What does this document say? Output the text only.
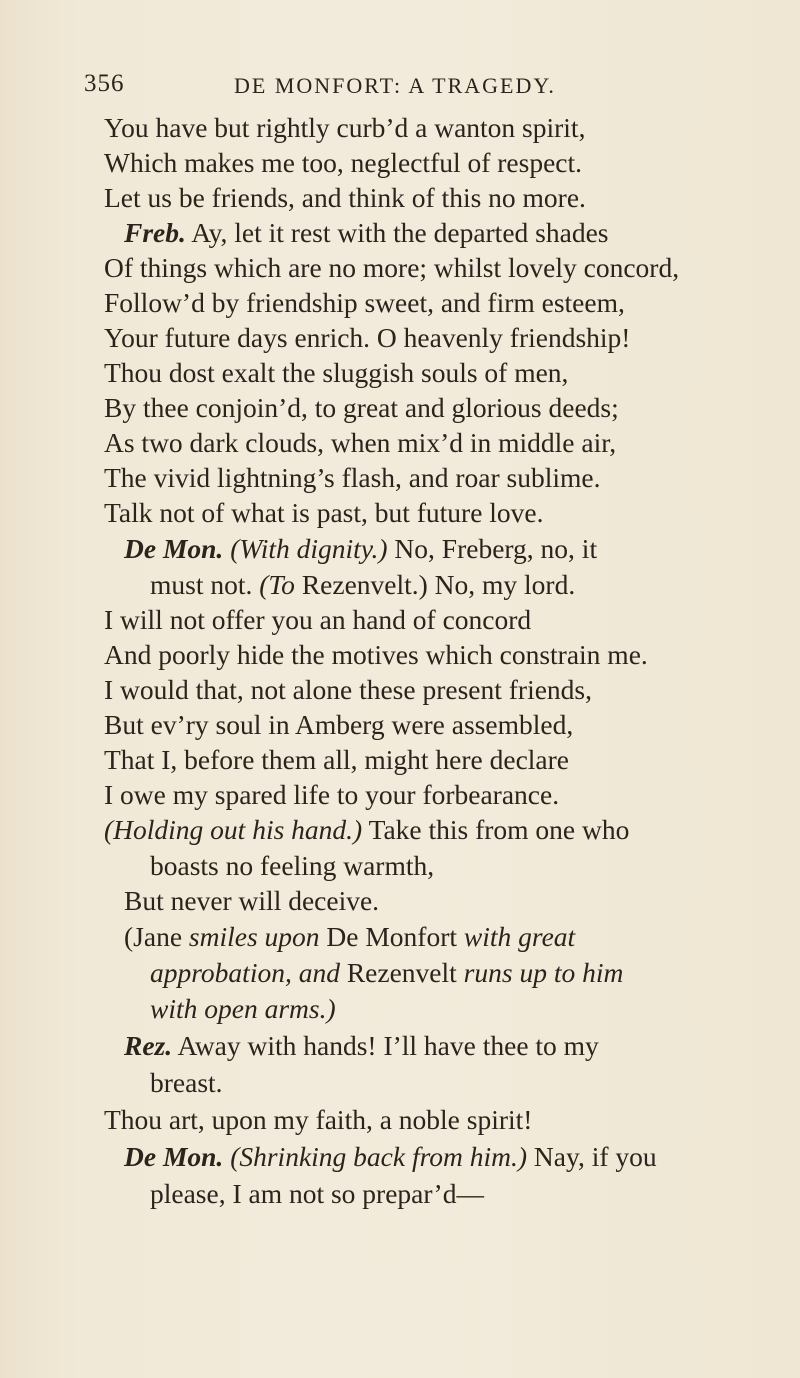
356	DE MONFORT: A TRAGEDY.
You have but rightly curb’d a wanton spirit,
Which makes me too, neglectful of respect.
Let us be friends, and think of this no more.
Freb. Ay, let it rest with the departed shades
Of things which are no more; whilst lovely concord,
Follow’d by friendship sweet, and firm esteem,
Your future days enrich. O heavenly friendship!
Thou dost exalt the sluggish souls of men,
By thee conjoin’d, to great and glorious deeds;
As two dark clouds, when mix’d in middle air,
The vivid lightning’s flash, and roar sublime.
Talk not of what is past, but future love.
De Mon. (With dignity.) No, Freberg, no, it
must not. (To Rezenvelt.) No, my lord.
I will not offer you an hand of concord
And poorly hide the motives which constrain me.
I would that, not alone these present friends,
But ev’ry soul in Amberg were assembled,
That I, before them all, might here declare
I owe my spared life to your forbearance.
(Holding out his hand.) Take this from one who
boasts no feeling warmth,
But never will deceive.
(Jane smiles upon De Monfort with great
approbation, and Rezenvelt runs up to him
with open arms.)
Rez. Away with hands! I’ll have thee to my
breast.
Thou art, upon my faith, a noble spirit!
De Mon. (Shrinking back from him.) Nay, if you
please, I am not so prepar’d—
